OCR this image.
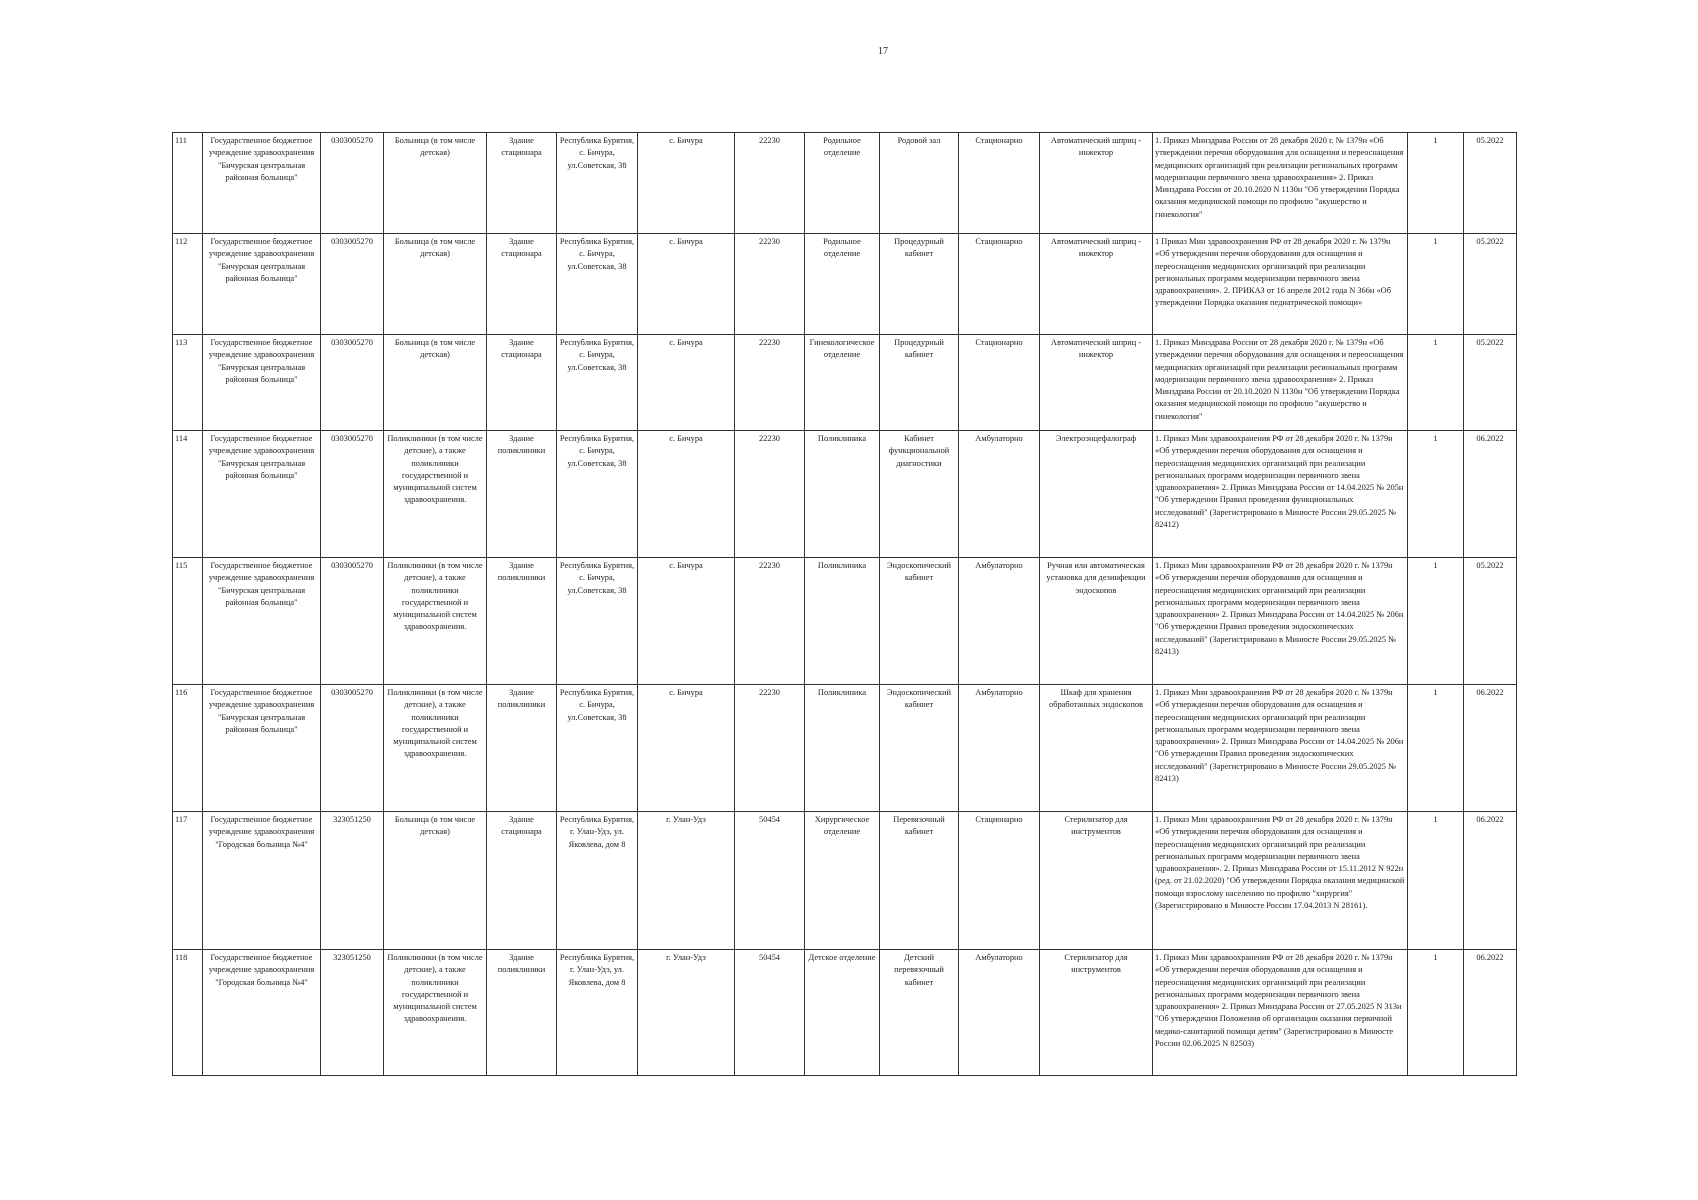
17
111	Государственное бюджетное учреждение здравоохранения "Бичурская центральная районная больница"	0303005270	Больница (в том числе детская)	Здание стационара	Республика Бурятия, с. Бичура, ул.Советская, 38	с. Бичура	22230	Родильное отделение	Родовой зал	Стационарно	Автоматический шприц - инжектор	1. Приказ Минздрава России от 28 декабря 2020 г. № 1379н «Об утверждении перечня оборудования для оснащения и переоснащения медицинских организаций при реализации региональных программ модернизации первичного звена здравоохранения» 2. Приказ Минздрава России от 20.10.2020 N 1130н "Об утверждении Порядка оказания медицинской помощи по профилю "акушерство и гинекология"	1	05.2022
112	Государственное бюджетное учреждение здравоохранения "Бичурская центральная районная больница"	0303005270	Больница (в том числе детская)	Здание стационара	Республика Бурятия, с. Бичура, ул.Советская, 38	с. Бичура	22230	Родильное отделение	Процедурный кабинет	Стационарно	Автоматический шприц - инжектор	1 Приказ Мин здравоохранения РФ от 28 декабря 2020 г. № 1379н «Об утверждении перечня оборудования для оснащения и переоснащения медицинских организаций при реализации региональных программ модернизации первичного звена здравоохранения». 2. ПРИКАЗ от 16 апреля 2012 года N 366н «Об утверждении Порядка оказания педиатрической помощи»	1	05.2022
113	Государственное бюджетное учреждение здравоохранения "Бичурская центральная районная больница"	0303005270	Больница (в том числе детская)	Здание стационара	Республика Бурятия, с. Бичура, ул.Советская, 38	с. Бичура	22230	Гинекологическое отделение	Процедурный кабинет	Стационарно	Автоматический шприц - инжектор	1. Приказ Минздрава России от 28 декабря 2020 г. № 1379н «Об утверждении перечня оборудования для оснащения и переоснащения медицинских организаций при реализации региональных программ модернизации первичного звена здравоохранения» 2. Приказ Минздрава России от 20.10.2020 N 1130н "Об утверждении Порядка оказания медицинской помощи по профилю "акушерство и гинекология"	1	05.2022
114	Государственное бюджетное учреждение здравоохранения "Бичурская центральная районная больница"	0303005270	Поликлиники (в том числе детские), а также поликлиники государственной и муниципальной систем здравоохранения.	Здание поликлиники	Республика Бурятия, с. Бичура, ул.Советская, 38	с. Бичура	22230	Поликлиника	Кабинет функциональной диагностики	Амбулаторно	Электроэнцефалограф	1. Приказ Мин здравоохранения РФ от 28 декабря 2020 г. № 1379н «Об утверждении перечня оборудования для оснащения и переоснащения медицинских организаций при реализации региональных программ модернизации первичного звена здравоохранения» 2. Приказ Минздрава России от 14.04.2025 № 205н "Об утверждении Правил проведения функциональных исследований" (Зарегистрировано в Минюсте России 29.05.2025 № 82412)	1	06.2022
115	Государственное бюджетное учреждение здравоохранения "Бичурская центральная районная больница"	0303005270	Поликлиники (в том числе детские), а также поликлиники государственной и муниципальной систем здравоохранения.	Здание поликлиники	Республика Бурятия, с. Бичура, ул.Советская, 38	с. Бичура	22230	Поликлиника	Эндоскопический кабинет	Амбулаторно	Ручная или автоматическая установка для дезинфекции эндоскопов	1. Приказ Мин здравоохранения РФ от 28 декабря 2020 г. № 1379н «Об утверждении перечня оборудования для оснащения и переоснащения медицинских организаций при реализации региональных программ модернизации первичного звена здравоохранения» 2. Приказ Минздрава России от 14.04.2025 № 206н "Об утверждении Правил проведения эндоскопических исследований" (Зарегистрировано в Минюсте России 29.05.2025 № 82413)	1	05.2022
116	Государственное бюджетное учреждение здравоохранения "Бичурская центральная районная больница"	0303005270	Поликлиники (в том числе детские), а также поликлиники государственной и муниципальной систем здравоохранения.	Здание поликлиники	Республика Бурятия, с. Бичура, ул.Советская, 38	с. Бичура	22230	Поликлиника	Эндоскопический кабинет	Амбулаторно	Шкаф для хранения обработанных эндоскопов	1. Приказ Мин здравоохранения РФ от 28 декабря 2020 г. № 1379н «Об утверждении перечня оборудования для оснащения и переоснащения медицинских организаций при реализации региональных программ модернизации первичного звена здравоохранения» 2. Приказ Минздрава России от 14.04.2025 № 206н "Об утверждении Правил проведения эндоскопических исследований" (Зарегистрировано в Минюсте России 29.05.2025 № 82413)	1	06.2022
117	Государственное бюджетное учреждение здравоохранения "Городская больница №4"	323051250	Больница (в том числе детская)	Здание стационара	Республика Бурятия, г. Улан-Удэ, ул. Яковлева, дом 8	г. Улан-Удэ	50454	Хирургическое отделение	Перевязочный кабинет	Стационарно	Стерилизатор для инструментов	1. Приказ Мин здравоохранения РФ от 28 декабря 2020 г. № 1379н «Об утверждении перечня оборудования для оснащения и переоснащения медицинских организаций при реализации региональных программ модернизации первичного звена здравоохранения». 2. Приказ Минздрава России от 15.11.2012 N 922н (ред. от 21.02.2020) "Об утверждении Порядка оказания медицинской помощи взрослому населению по профилю "хирургия" (Зарегистрировано в Минюсте России 17.04.2013 N 28161).	1	06.2022
118	Государственное бюджетное учреждение здравоохранения "Городская больница №4"	323051250	Поликлиники (в том числе детские), а также поликлиники государственной и муниципальной систем здравоохранения.	Здание поликлиники	Республика Бурятия, г. Улан-Удэ, ул. Яковлева, дом 8	г. Улан-Удэ	50454	Детское отделение	Детский перевязочный кабинет	Амбулаторно	Стерилизатор для инструментов	1. Приказ Мин здравоохранения РФ от 28 декабря 2020 г. № 1379н «Об утверждении перечня оборудования для оснащения и переоснащения медицинских организаций при реализации региональных программ модернизации первичного звена здравоохранения» 2. Приказ Минздрава России от 27.05.2025 N 313н "Об утверждении Положения об организации оказания первичной медико-санитарной помощи детям" (Зарегистрировано в Минюсте России 02.06.2025 N 82503)	1	06.2022
